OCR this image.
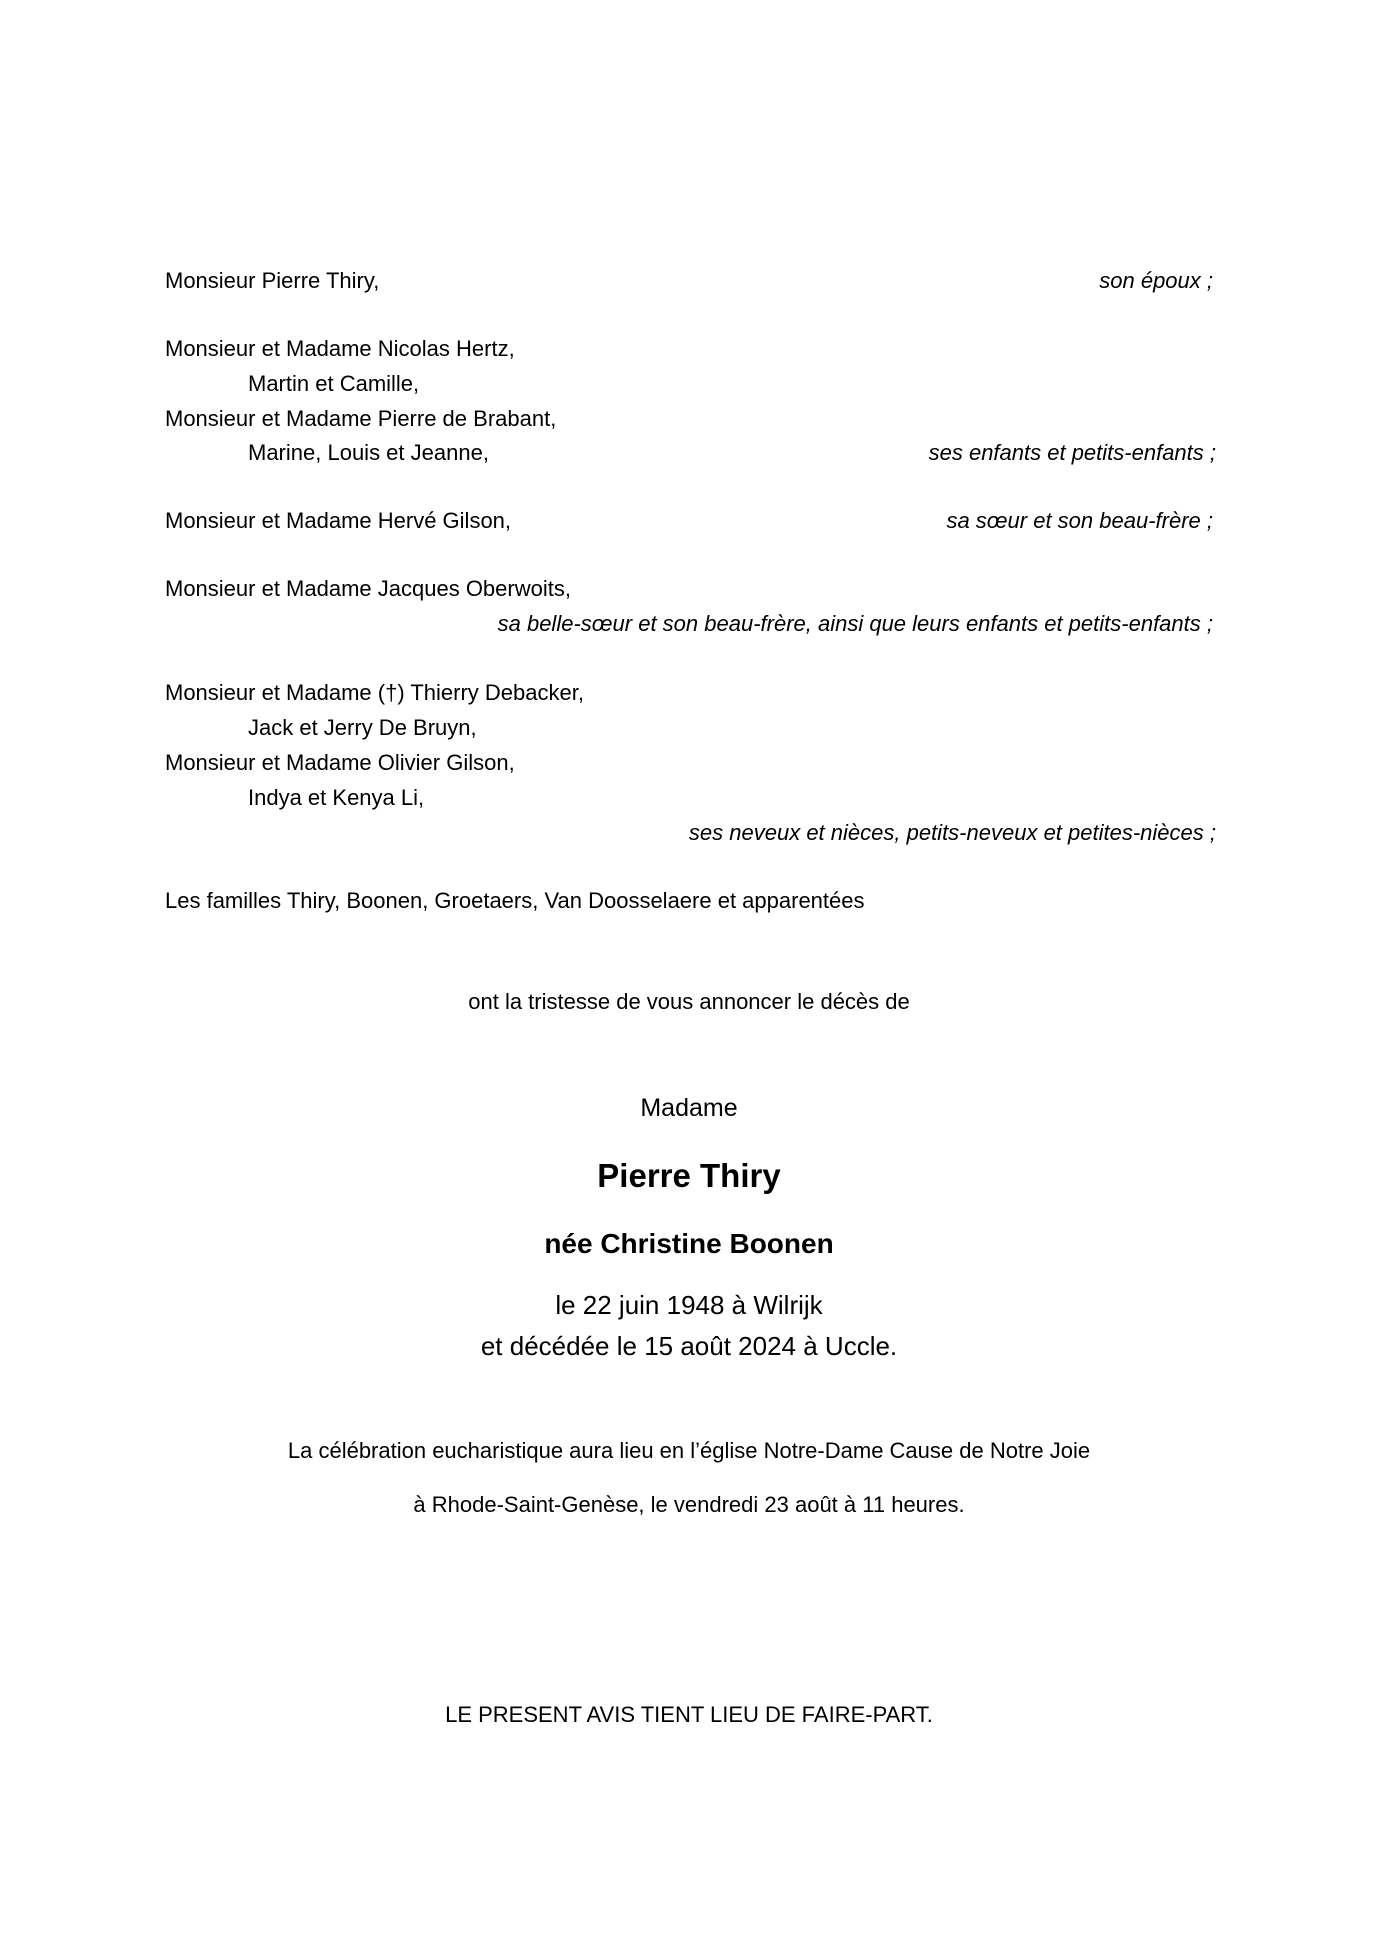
Monsieur Pierre Thiry,	son époux ;
Monsieur et Madame Nicolas Hertz,
Martin et Camille,
Monsieur et Madame Pierre de Brabant,
Marine, Louis et Jeanne,	ses enfants et petits-enfants ;
Monsieur et Madame Hervé Gilson,	sa sœur et son beau-frère ;
Monsieur et Madame Jacques Oberwoits,
sa belle-sœur et son beau-frère, ainsi que leurs enfants et petits-enfants ;
Monsieur et Madame (†) Thierry Debacker,
Jack et Jerry De Bruyn,
Monsieur et Madame Olivier Gilson,
Indya et Kenya Li,
ses neveux et nièces, petits-neveux et petites-nièces ;
Les familles Thiry, Boonen, Groetaers, Van Doosselaere et apparentées
ont la tristesse de vous annoncer le décès de
Madame
Pierre Thiry
née Christine Boonen
le 22 juin 1948 à Wilrijk
et décédée le 15 août 2024 à Uccle.
La célébration eucharistique aura lieu en l’église Notre-Dame Cause de Notre Joie
à Rhode-Saint-Genèse, le vendredi 23 août à 11 heures.
LE PRESENT AVIS TIENT LIEU DE FAIRE-PART.
